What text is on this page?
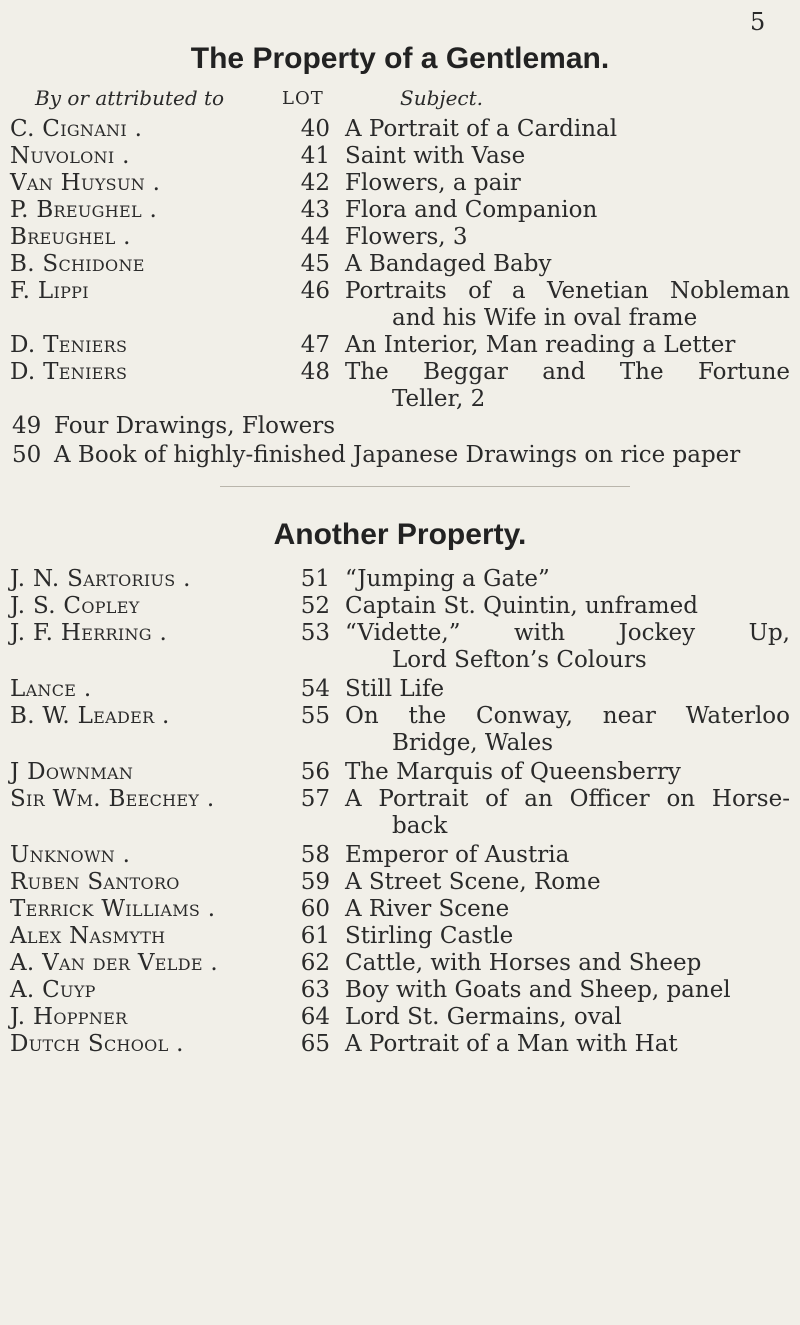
5
The Property of a Gentleman.
By or attributed to	LOT	Subject.
C. Cignani .	40 A Portrait of a Cardinal
Nuvoloni .	41 Saint with Vase
Van Huysun .	42 Flowers, a pair
P. Breughel .	43 Flora and Companion
Breughel .	44 Flowers, 3
B. Schidone	45 A Bandaged Baby
F. Lippi	46 Portraits of a Venetian Nobleman
and his Wife in oval frame
D. Teniers	47 An Interior, Man reading a Letter
D. Teniers	48 The Beggar and The Fortune
Teller, 2
49 Four Drawings, Flowers
50 A Book of highly-finished Japanese Drawings on rice paper
Another Property.
J. N. Sartorius .	51 “Jumping a Gate”
J. S. Copley	52 Captain St. Quintin, unframed
J. F. Herring .	53 “Vidette,” with Jockey Up,
Lord Sefton’s Colours
Lance .	54 Still Life
B. W. Leader .	55 On the Conway, near Waterloo
Bridge, Wales
J Downman	56 The Marquis of Queensberry
Sir Wm. Beechey .	57 A Portrait of an Officer on Horse-
back
Unknown .	58 Emperor of Austria
Ruben Santoro	59 A Street Scene, Rome
Terrick Williams .	60 A River Scene
Alex Nasmyth	61 Stirling Castle
A. Van der Velde .	62 Cattle, with Horses and Sheep
A. Cuyp	63 Boy with Goats and Sheep, panel
J. Hoppner	64 Lord St. Germains, oval
Dutch School .	65 A Portrait of a Man with Hat
